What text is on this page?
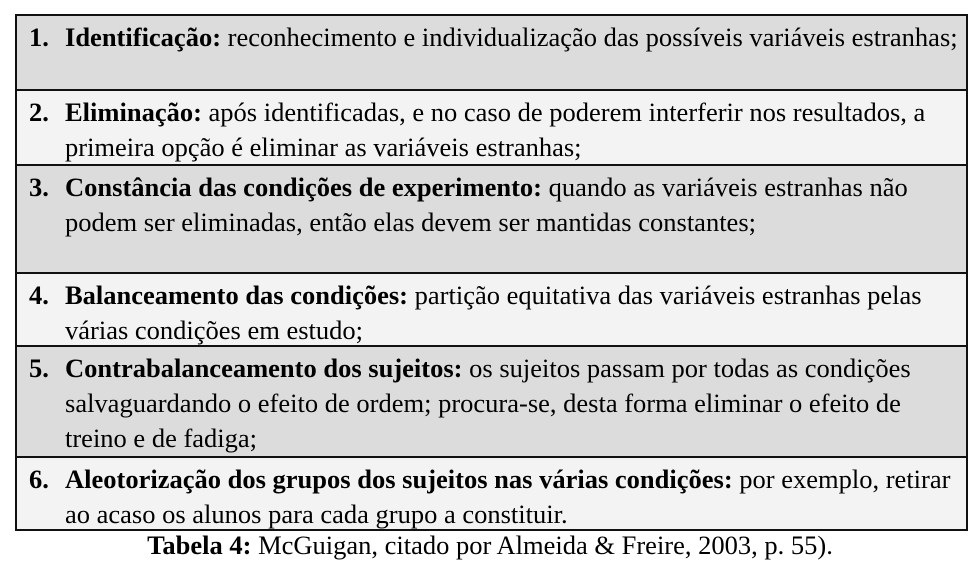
1. Identificação: reconhecimento e individualização das possíveis variáveis estranhas;
2. Eliminação: após identificadas, e no caso de poderem interferir nos resultados, a primeira opção é eliminar as variáveis estranhas;
3. Constância das condições de experimento: quando as variáveis estranhas não podem ser eliminadas, então elas devem ser mantidas constantes;
4. Balanceamento das condições: partição equitativa das variáveis estranhas pelas várias condições em estudo;
5. Contrabalanceamento dos sujeitos: os sujeitos passam por todas as condições salvaguardando o efeito de ordem; procura-se, desta forma eliminar o efeito de treino e de fadiga;
6. Aleotorização dos grupos dos sujeitos nas várias condições: por exemplo, retirar ao acaso os alunos para cada grupo a constituir.
Tabela 4: McGuigan, citado por Almeida & Freire, 2003, p. 55).
